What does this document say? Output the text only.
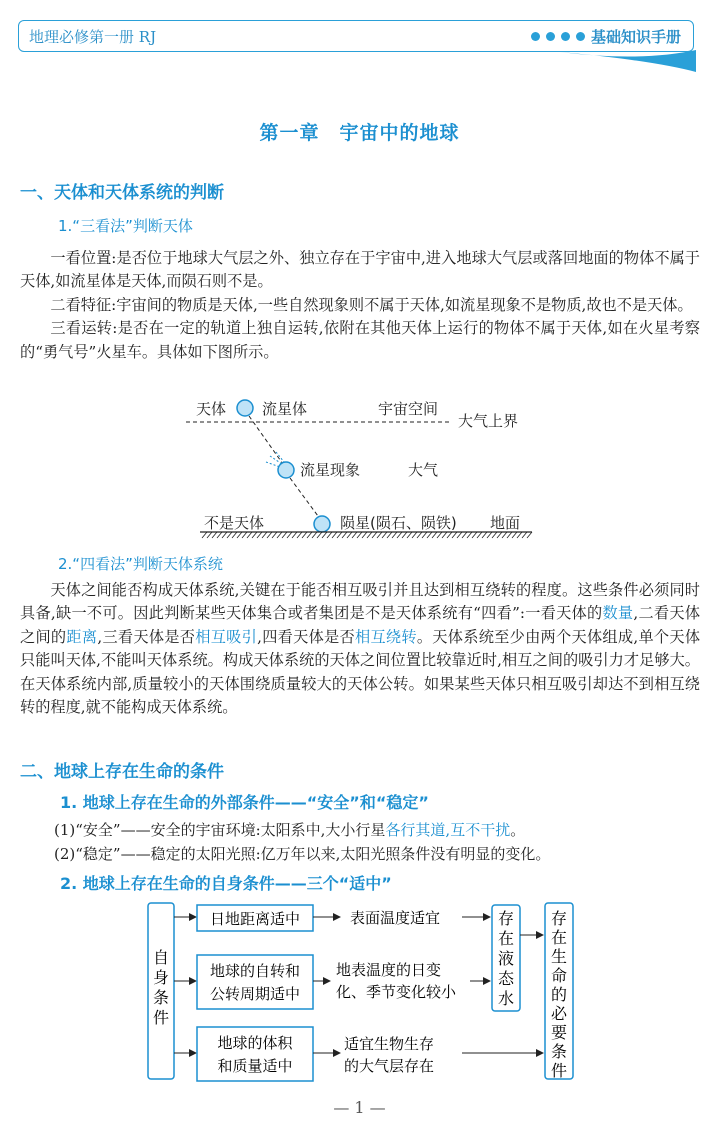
地理必修第一册 RJ	基础知识手册
第一章　宇宙中的地球
一、天体和天体系统的判断
1.“三看法”判断天体

一看位置:是否位于地球大气层之外、独立存在于宇宙中,进入地球大气层或落回地面的物体不属于天体,如流星体是天体,而陨石则不是。

二看特征:宇宙间的物质是天体,一些自然现象则不属于天体,如流星现象不是物质,故也不是天体。

三看运转:是否在一定的轨道上独自运转,依附在其他天体上运行的物体不属于天体,如在火星考察的“勇气号”火星车。具体如下图所示。

天体 流星体	宇宙空间
大气上界
流星现象	大气
不是天体	陨星(陨石、陨铁) 地面
2.“四看法”判断天体系统

天体之间能否构成天体系统,关键在于能否相互吸引并且达到相互绕转的程度。这些条件必须同时具备,缺一不可。因此判断某些天体集合或者集团是不是天体系统有“四看”:一看天体的数量,二看天体之间的距离,三看天体是否相互吸引,四看天体是否相互绕转。天体系统至少由两个天体组成,单个天体只能叫天体,不能叫天体系统。构成天体系统的天体之间位置比较靠近时,相互之间的吸引力才足够大。在天体系统内部,质量较小的天体围绕质量较大的天体公转。如果某些天体只相互吸引却达不到相互绕转的程度,就不能构成天体系统。

二、地球上存在生命的条件
1. 地球上存在生命的外部条件——“安全”和“稳定”
(1)“安全”——安全的宇宙环境:太阳系中,大小行星各行其道,互不干扰。
(2)“稳定”——稳定的太阳光照:亿万年以来,太阳光照条件没有明显的变化。
2. 地球上存在生命的自身条件——三个“适中”
自
身
条
件
日地距离适中
地球的自转和
公转周期适中
地球的体积
和质量适中
表面温度适宜
地表温度的日变
化、季节变化较小
适宜生物生存
的大气层存在
存
在
液
态
水
存
在
生
命
的
必
要
条
件
— 1 —
